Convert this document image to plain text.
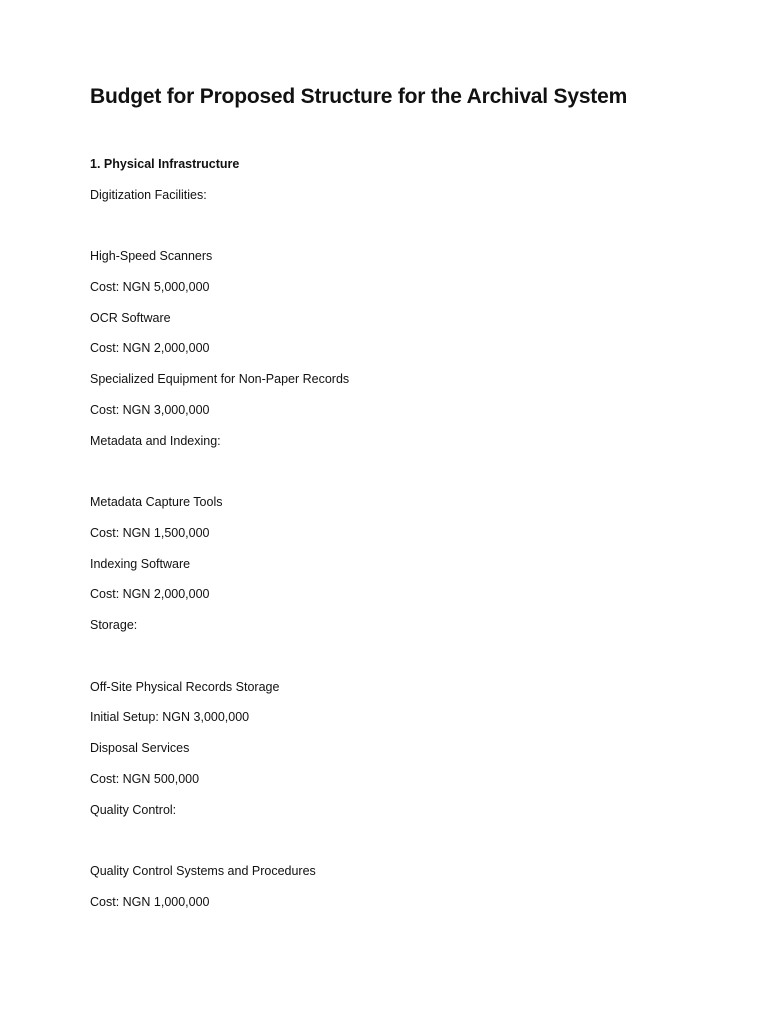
Budget for Proposed Structure for the Archival System

1. Physical Infrastructure

Digitization Facilities:

High-Speed Scanners

Cost: NGN 5,000,000

OCR Software

Cost: NGN 2,000,000

Specialized Equipment for Non-Paper Records

Cost: NGN 3,000,000

Metadata and Indexing:

Metadata Capture Tools

Cost: NGN 1,500,000

Indexing Software

Cost: NGN 2,000,000

Storage:

Off-Site Physical Records Storage

Initial Setup: NGN 3,000,000

Disposal Services

Cost: NGN 500,000

Quality Control:

Quality Control Systems and Procedures

Cost: NGN 1,000,000
